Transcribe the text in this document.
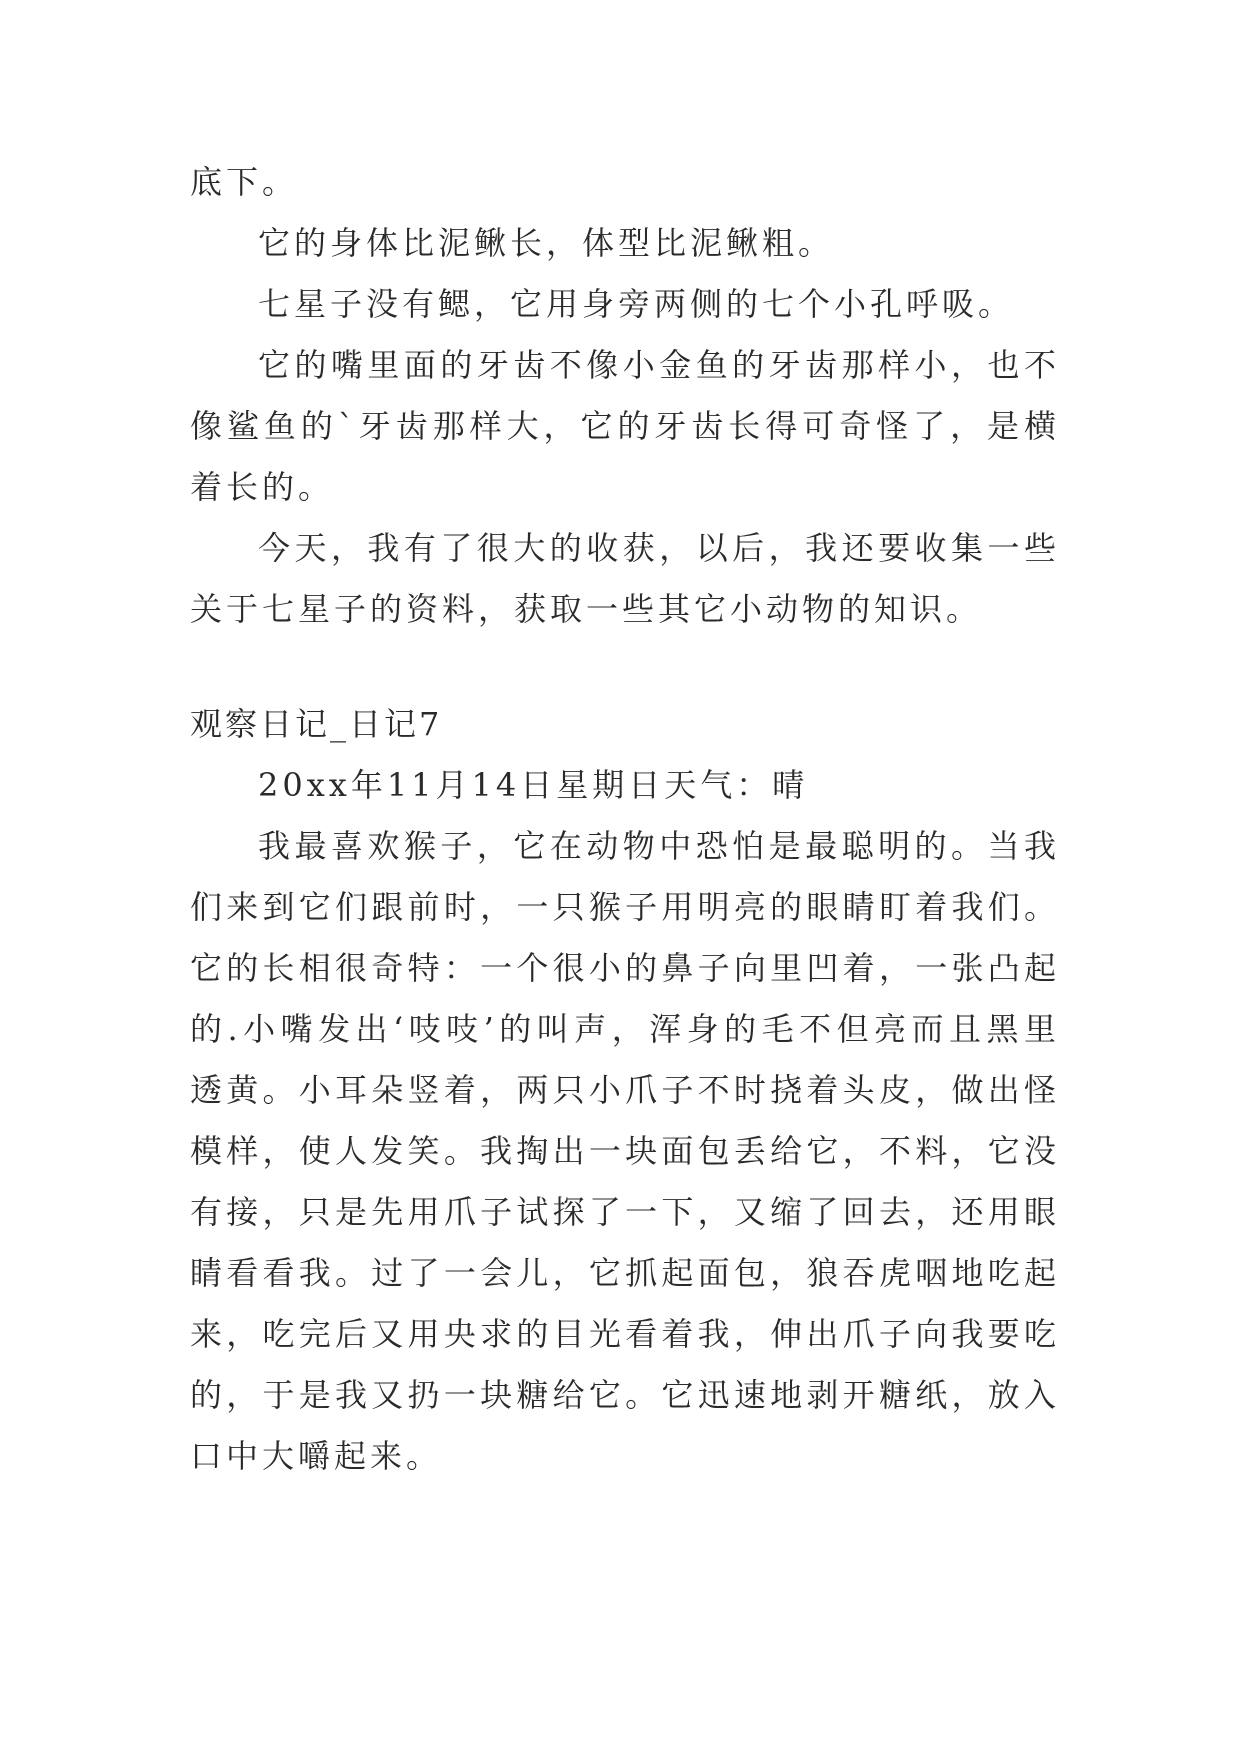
底下。

它的身体比泥鳅长，体型比泥鳅粗。

七星子没有鳃，它用身旁两侧的七个小孔呼吸。

它的嘴里面的牙齿不像小金鱼的牙齿那样小，也不像鲨鱼的`牙齿那样大，它的牙齿长得可奇怪了，是横着长的。

今天，我有了很大的收获，以后，我还要收集一些关于七星子的资料，获取一些其它小动物的知识。

观察日记_日记7

20xx年11月14日星期日天气：晴

我最喜欢猴子，它在动物中恐怕是最聪明的。当我们来到它们跟前时，一只猴子用明亮的眼睛盯着我们。它的长相很奇特：一个很小的鼻子向里凹着，一张凸起的.小嘴发出‘吱吱’的叫声，浑身的毛不但亮而且黑里透黄。小耳朵竖着，两只小爪子不时挠着头皮，做出怪模样，使人发笑。我掏出一块面包丢给它，不料，它没有接，只是先用爪子试探了一下，又缩了回去，还用眼睛看看我。过了一会儿，它抓起面包，狼吞虎咽地吃起来，吃完后又用央求的目光看着我，伸出爪子向我要吃的，于是我又扔一块糖给它。它迅速地剥开糖纸，放入口中大嚼起来。
